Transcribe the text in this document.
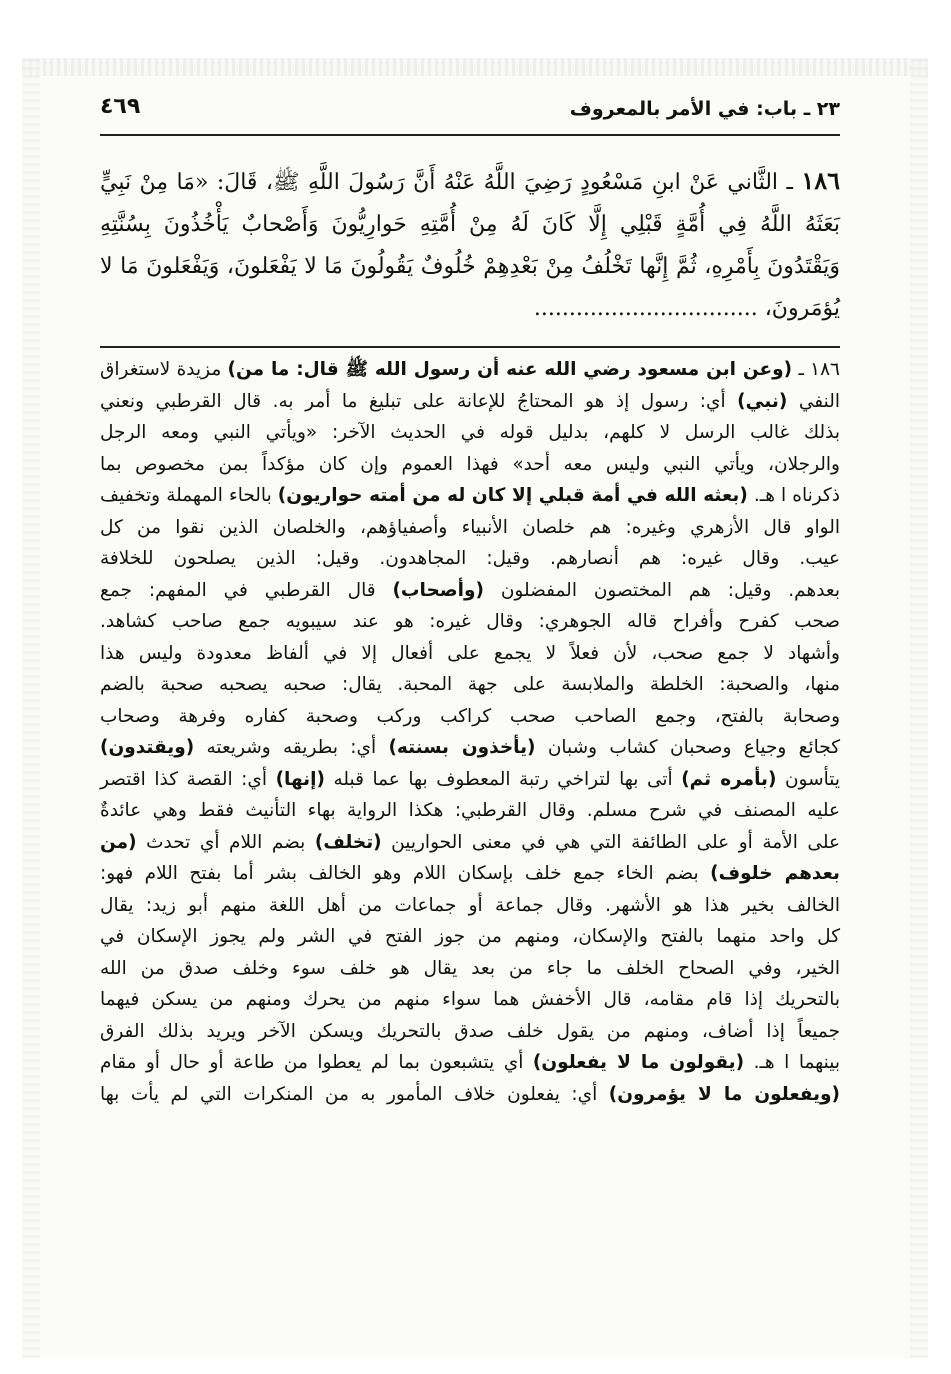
٢٣ ـ باب: في الأمر بالمعروف
٤٦٩
١٨٦ ـ الثَّاني عَنْ ابنِ مَسْعُودٍ رَضِيَ اللَّهُ عَنْهُ أَنَّ رَسُولَ اللَّهِ ﷺ، قَالَ: «مَا مِنْ نَبِيٍّ بَعَثَهُ اللَّهُ فِي أُمَّةٍ قَبْلِي إِلَّا كَانَ لَهُ مِنْ أُمَّتِهِ حَوارِيُّونَ وَأَصْحابٌ يَأْخُذُونَ بِسُنَّتِهِ وَيَقْتَدُونَ بِأَمْرِهِ، ثُمَّ إِنَّها تَخْلُفُ مِنْ بَعْدِهِمْ خُلُوفٌ يَقُولُونَ مَا لا يَفْعَلونَ، وَيَفْعَلونَ مَا لا يُؤمَرونَ، ................................
١٨٦ ـ (وعن ابن مسعود رضي الله عنه أن رسول الله ﷺ قال: ما من) مزيدة لاستغراق
النفي (نبي) أي: رسول إذ هو المحتاجُ للإعانة على تبليغ ما أمر به. قال القرطبي ونعني
بذلك غالب الرسل لا كلهم، بدليل قوله في الحديث الآخر: «ويأتي النبي ومعه الرجل
والرجلان، ويأتي النبي وليس معه أحد» فهذا العموم وإن كان مؤكداً بمن مخصوص بما
ذكرناه ا هـ. (بعثه الله في أمة قبلي إلا كان له من أمته حواريون) بالحاء المهملة وتخفيف
الواو قال الأزهري وغيره: هم خلصان الأنبياء وأصفياؤهم، والخلصان الذين نقوا من كل
عيب. وقال غيره: هم أنصارهم. وقيل: المجاهدون. وقيل: الذين يصلحون للخلافة
بعدهم. وقيل: هم المختصون المفضلون (وأصحاب) قال القرطبي في المفهم: جمع
صحب كفرح وأفراح قاله الجوهري: وقال غيره: هو عند سيبويه جمع صاحب كشاهد.
وأشهاد لا جمع صحب، لأن فعلاً لا يجمع على أفعال إلا في ألفاظ معدودة وليس هذا
منها، والصحبة: الخلطة والملابسة على جهة المحبة. يقال: صحبه يصحبه صحبة بالضم
وصحابة بالفتح، وجمع الصاحب صحب كراكب وركب وصحبة كفاره وفرهة وصحاب
كجائع وجياع وصحبان كشاب وشبان (يأخذون بسنته) أي: بطريقه وشريعته (ويقتدون)
يتأسون (بأمره ثم) أتى بها لتراخي رتبة المعطوف بها عما قبله (إنها) أي: القصة كذا اقتصر
عليه المصنف في شرح مسلم. وقال القرطبي: هكذا الرواية بهاء التأنيث فقط وهي عائدةٌ
على الأمة أو على الطائفة التي هي في معنى الحواريين (تخلف) بضم اللام أي تحدث (من
بعدهم خلوف) بضم الخاء جمع خلف بإسكان اللام وهو الخالف بشر أما بفتح اللام فهو:
الخالف بخير هذا هو الأشهر. وقال جماعة أو جماعات من أهل اللغة منهم أبو زيد: يقال
كل واحد منهما بالفتح والإسكان، ومنهم من جوز الفتح في الشر ولم يجوز الإسكان في
الخير، وفي الصحاح الخلف ما جاء من بعد يقال هو خلف سوء وخلف صدق من الله
بالتحريك إذا قام مقامه، قال الأخفش هما سواء منهم من يحرك ومنهم من يسكن فيهما
جميعاً إذا أضاف، ومنهم من يقول خلف صدق بالتحريك ويسكن الآخر ويريد بذلك الفرق
بينهما ا هـ. (يقولون ما لا يفعلون) أي يتشبعون بما لم يعطوا من طاعة أو حال أو مقام
(ويفعلون ما لا يؤمرون) أي: يفعلون خلاف المأمور به من المنكرات التي لم يأت بها
